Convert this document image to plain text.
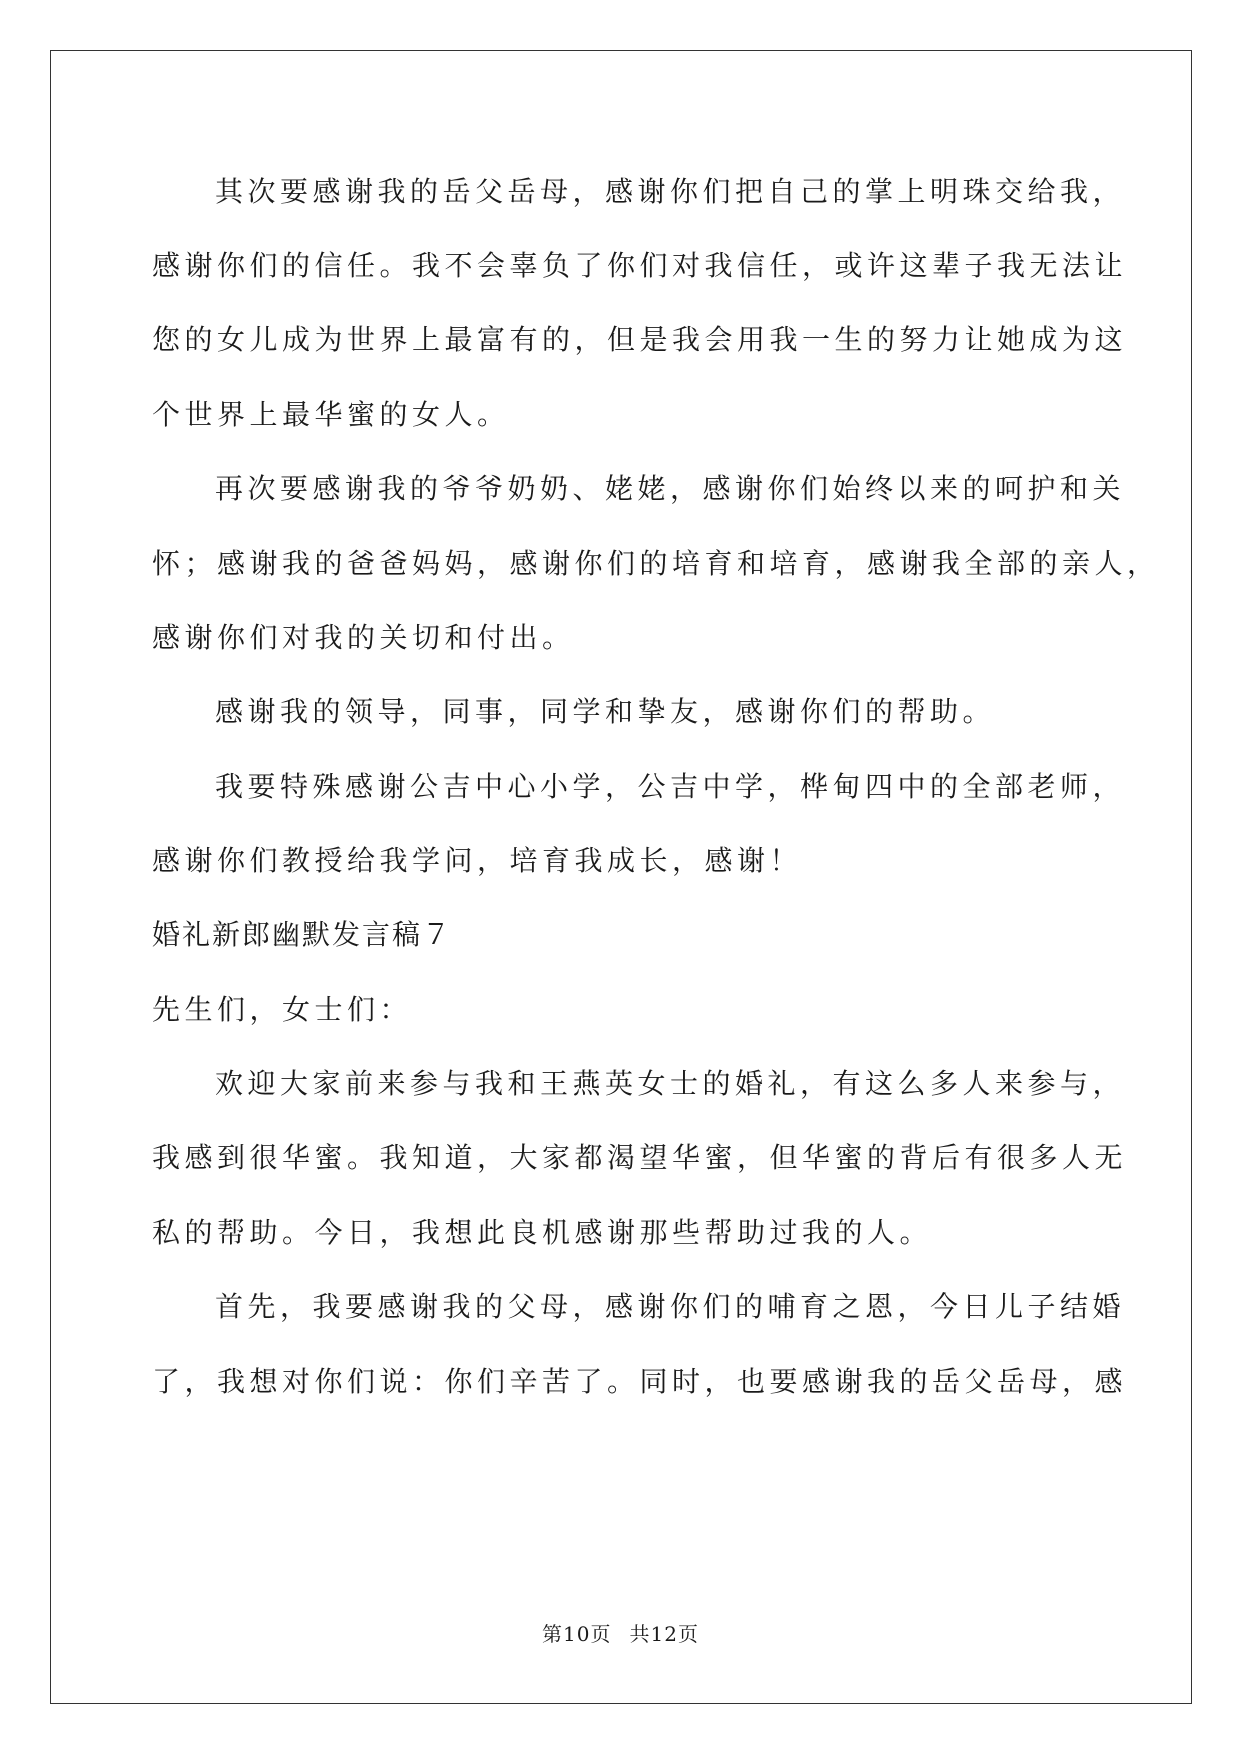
其次要感谢我的岳父岳母，感谢你们把自己的掌上明珠交给我，
感谢你们的信任。我不会辜负了你们对我信任，或许这辈子我无法让
您的女儿成为世界上最富有的，但是我会用我一生的努力让她成为这
个世界上最华蜜的女人。
再次要感谢我的爷爷奶奶、姥姥，感谢你们始终以来的呵护和关
怀；感谢我的爸爸妈妈，感谢你们的培育和培育，感谢我全部的亲人，
感谢你们对我的关切和付出。
感谢我的领导，同事，同学和挚友，感谢你们的帮助。
我要特殊感谢公吉中心小学，公吉中学，桦甸四中的全部老师，
感谢你们教授给我学问，培育我成长，感谢！
婚礼新郎幽默发言稿７
先生们，女士们：
欢迎大家前来参与我和王燕英女士的婚礼，有这么多人来参与，
我感到很华蜜。我知道，大家都渴望华蜜，但华蜜的背后有很多人无
私的帮助。今日，我想此良机感谢那些帮助过我的人。
首先，我要感谢我的父母，感谢你们的哺育之恩，今日儿子结婚
了，我想对你们说：你们辛苦了。同时，也要感谢我的岳父岳母，感
第10页 共12页
